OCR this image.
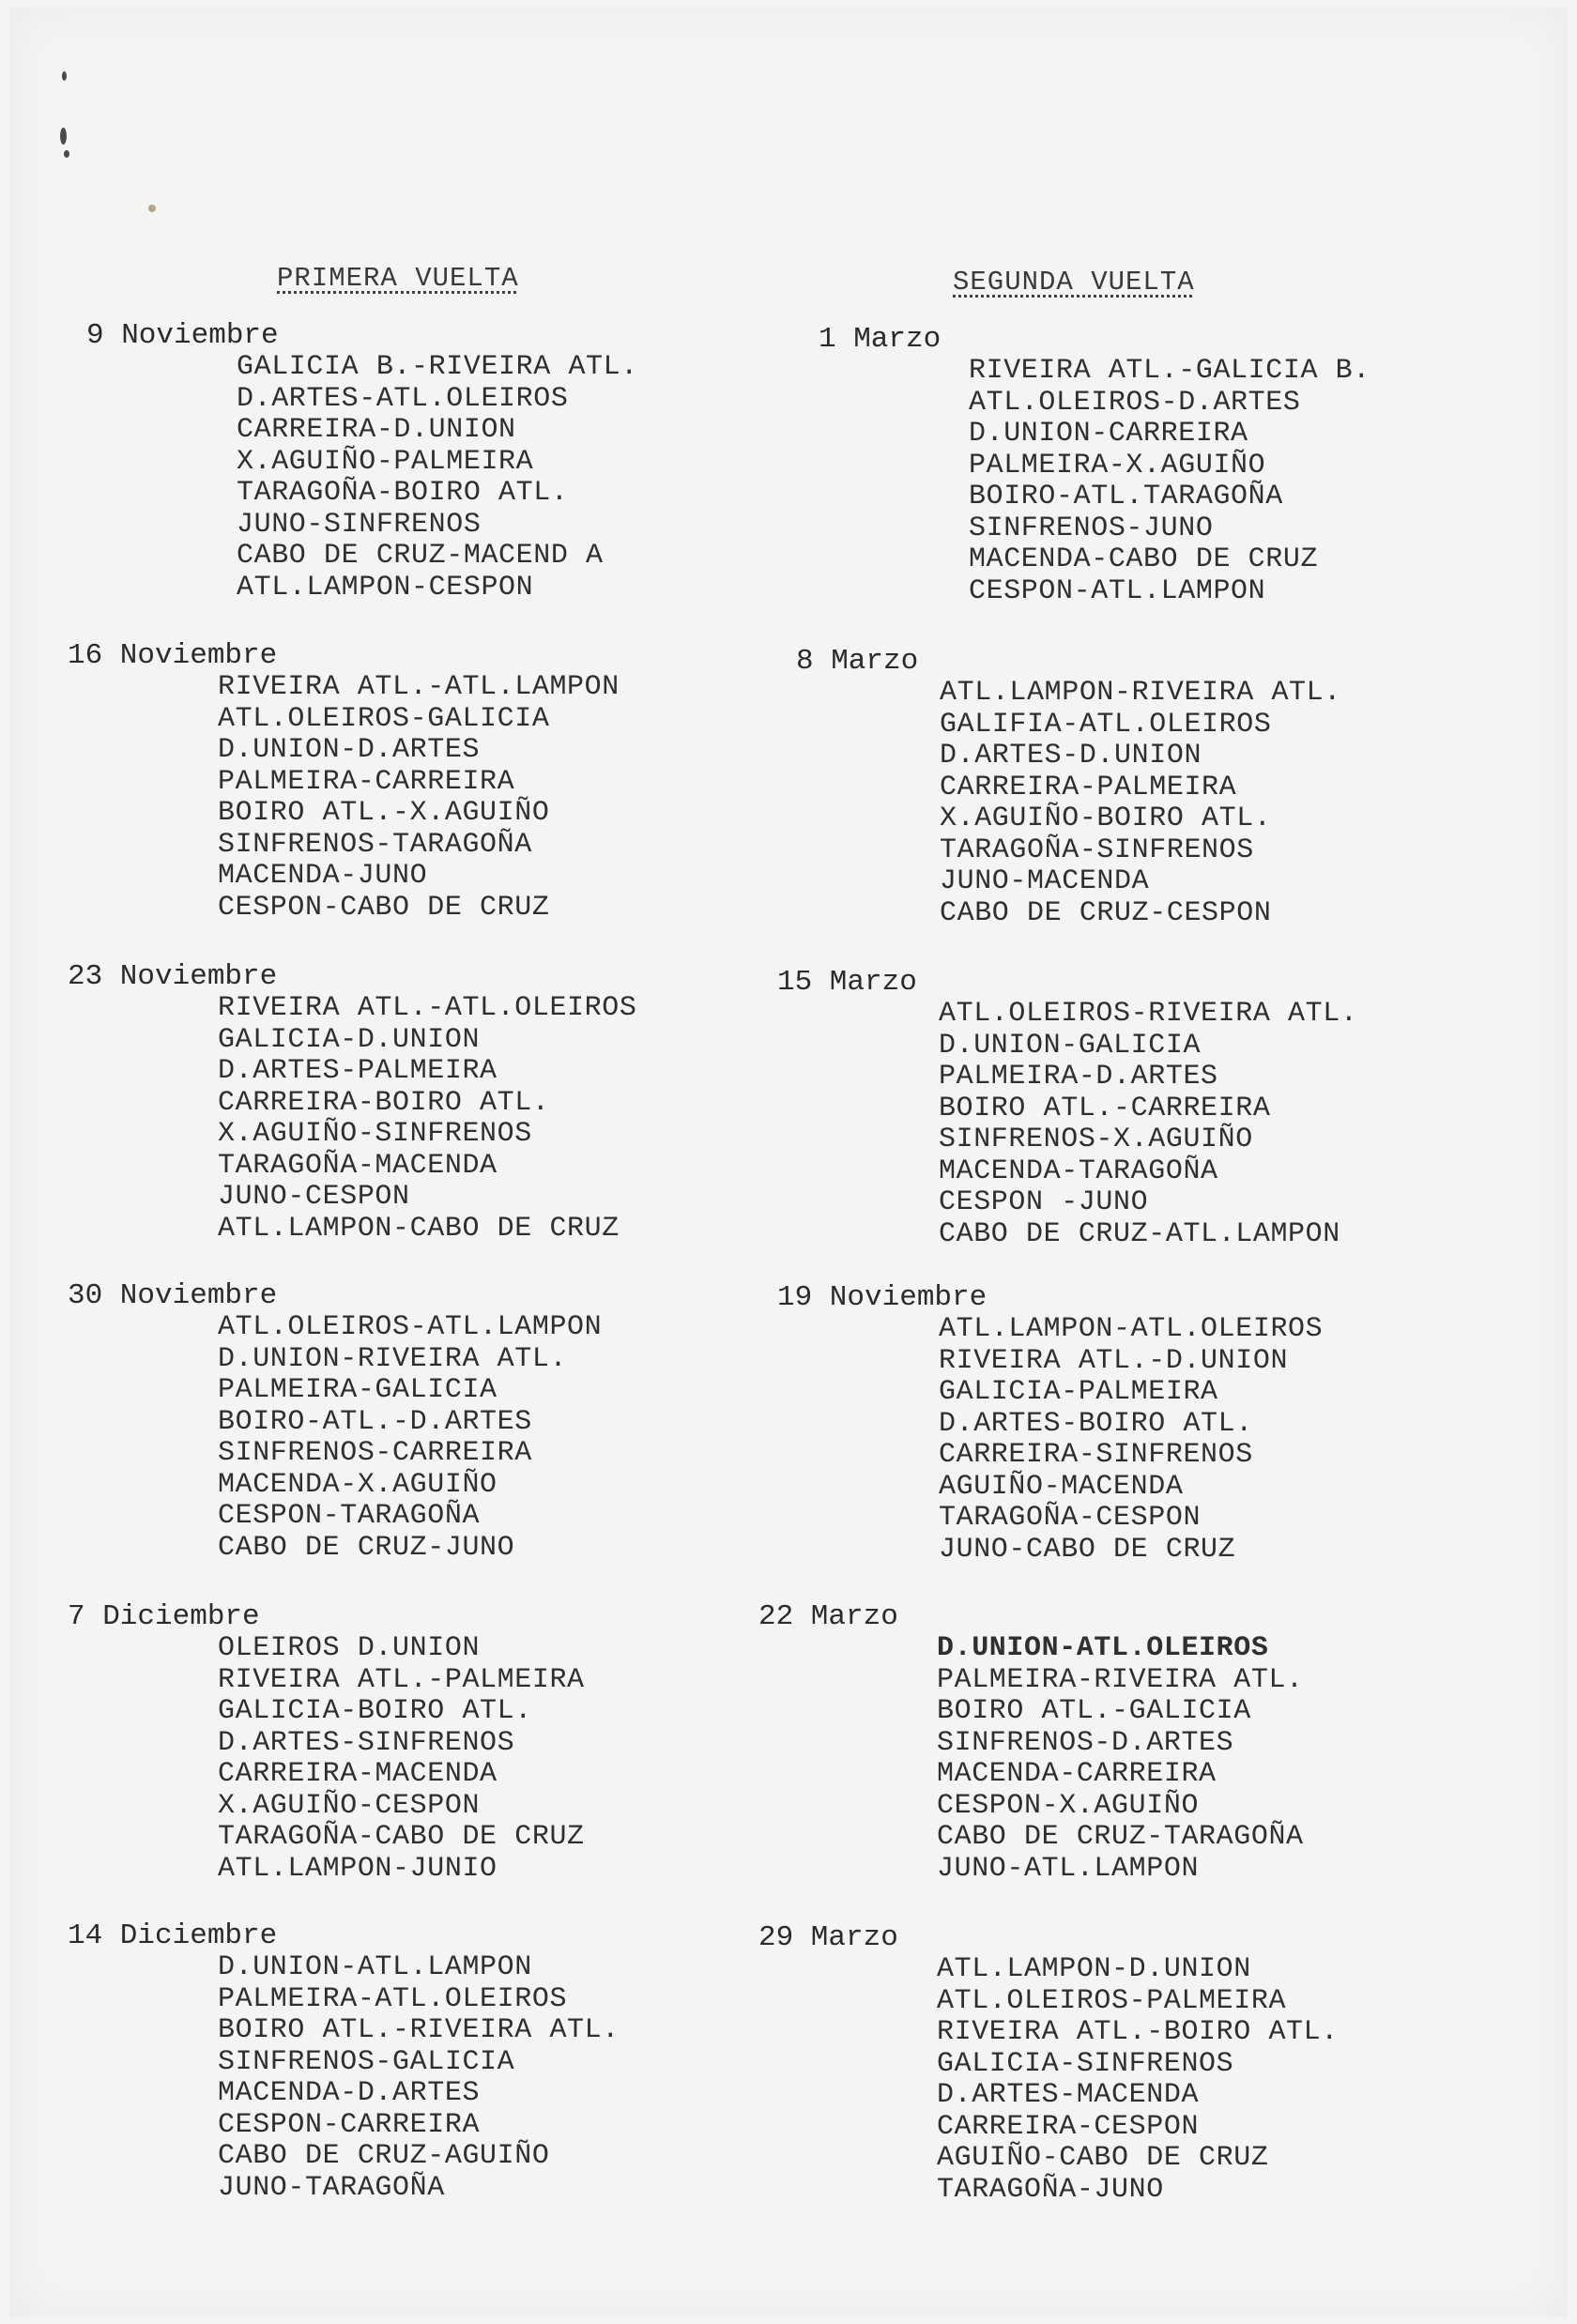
PRIMERA VUELTA	SEGUNDA VUELTA
9 Noviembre
GALICIA B.-RIVEIRA ATL.
D.ARTES-ATL.OLEIROS
CARREIRA-D.UNION
X.AGUIÑO-PALMEIRA
TARAGOÑA-BOIRO ATL.
JUNO-SINFRENOS
CABO DE CRUZ-MACEND A
ATL.LAMPON-CESPON
16 Noviembre
RIVEIRA ATL.-ATL.LAMPON
ATL.OLEIROS-GALICIA
D.UNION-D.ARTES
PALMEIRA-CARREIRA
BOIRO ATL.-X.AGUIÑO
SINFRENOS-TARAGOÑA
MACENDA-JUNO
CESPON-CABO DE CRUZ
23 Noviembre
RIVEIRA ATL.-ATL.OLEIROS
GALICIA-D.UNION
D.ARTES-PALMEIRA
CARREIRA-BOIRO ATL.
X.AGUIÑO-SINFRENOS
TARAGOÑA-MACENDA
JUNO-CESPON
ATL.LAMPON-CABO DE CRUZ
30 Noviembre
ATL.OLEIROS-ATL.LAMPON
D.UNION-RIVEIRA ATL.
PALMEIRA-GALICIA
BOIRO-ATL.-D.ARTES
SINFRENOS-CARREIRA
MACENDA-X.AGUIÑO
CESPON-TARAGOÑA
CABO DE CRUZ-JUNO
7 Diciembre
OLEIROS D.UNION
RIVEIRA ATL.-PALMEIRA
GALICIA-BOIRO ATL.
D.ARTES-SINFRENOS
CARREIRA-MACENDA
X.AGUIÑO-CESPON
TARAGOÑA-CABO DE CRUZ
ATL.LAMPON-JUNIO
14 Diciembre
D.UNION-ATL.LAMPON
PALMEIRA-ATL.OLEIROS
BOIRO ATL.-RIVEIRA ATL.
SINFRENOS-GALICIA
MACENDA-D.ARTES
CESPON-CARREIRA
CABO DE CRUZ-AGUIÑO
JUNO-TARAGOÑA
1 Marzo
RIVEIRA ATL.-GALICIA B.
ATL.OLEIROS-D.ARTES
D.UNION-CARREIRA
PALMEIRA-X.AGUIÑO
BOIRO-ATL.TARAGOÑA
SINFRENOS-JUNO
MACENDA-CABO DE CRUZ
CESPON-ATL.LAMPON
8 Marzo
ATL.LAMPON-RIVEIRA ATL.
GALIFIA-ATL.OLEIROS
D.ARTES-D.UNION
CARREIRA-PALMEIRA
X.AGUIÑO-BOIRO ATL.
TARAGOÑA-SINFRENOS
JUNO-MACENDA
CABO DE CRUZ-CESPON
15 Marzo
ATL.OLEIROS-RIVEIRA ATL.
D.UNION-GALICIA
PALMEIRA-D.ARTES
BOIRO ATL.-CARREIRA
SINFRENOS-X.AGUIÑO
MACENDA-TARAGOÑA
CESPON -JUNO
CABO DE CRUZ-ATL.LAMPON
19 Noviembre
ATL.LAMPON-ATL.OLEIROS
RIVEIRA ATL.-D.UNION
GALICIA-PALMEIRA
D.ARTES-BOIRO ATL.
CARREIRA-SINFRENOS
AGUIÑO-MACENDA
TARAGOÑA-CESPON
JUNO-CABO DE CRUZ
22 Marzo
D.UNION-ATL.OLEIROS
PALMEIRA-RIVEIRA ATL.
BOIRO ATL.-GALICIA
SINFRENOS-D.ARTES
MACENDA-CARREIRA
CESPON-X.AGUIÑO
CABO DE CRUZ-TARAGOÑA
JUNO-ATL.LAMPON
29 Marzo
ATL.LAMPON-D.UNION
ATL.OLEIROS-PALMEIRA
RIVEIRA ATL.-BOIRO ATL.
GALICIA-SINFRENOS
D.ARTES-MACENDA
CARREIRA-CESPON
AGUIÑO-CABO DE CRUZ
TARAGOÑA-JUNO
